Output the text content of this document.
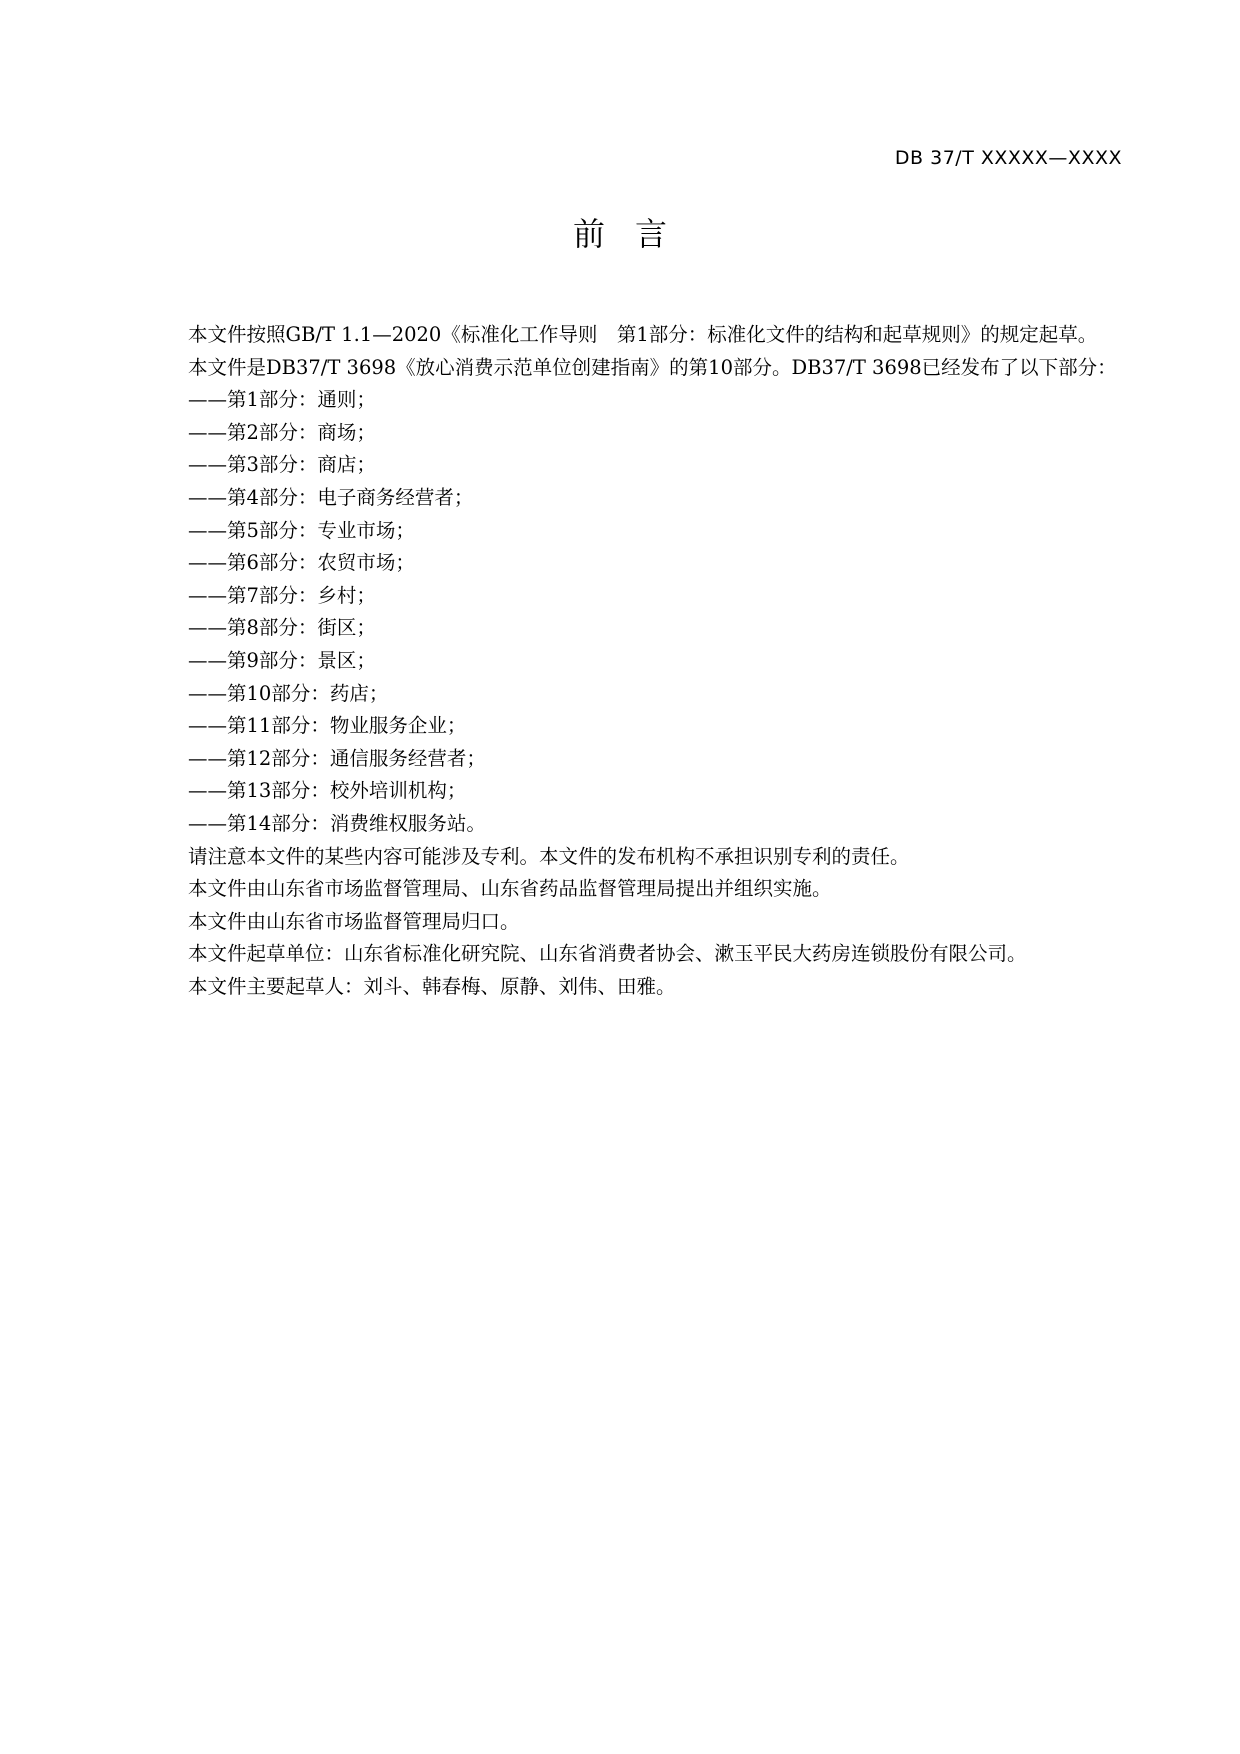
DB 37/T XXXXX—XXXX
前言

本文件按照GB/T 1.1—2020《标准化工作导则　第1部分：标准化文件的结构和起草规则》的规定起草。

本文件是DB37/T 3698《放心消费示范单位创建指南》的第10部分。DB37/T 3698已经发布了以下部分：

——第1部分：通则；

——第2部分：商场；

——第3部分：商店；

——第4部分：电子商务经营者；

——第5部分：专业市场；

——第6部分：农贸市场；

——第7部分：乡村；

——第8部分：街区；

——第9部分：景区；

——第10部分：药店；

——第11部分：物业服务企业；

——第12部分：通信服务经营者；

——第13部分：校外培训机构；

——第14部分：消费维权服务站。

请注意本文件的某些内容可能涉及专利。本文件的发布机构不承担识别专利的责任。

本文件由山东省市场监督管理局、山东省药品监督管理局提出并组织实施。

本文件由山东省市场监督管理局归口。

本文件起草单位：山东省标准化研究院、山东省消费者协会、漱玉平民大药房连锁股份有限公司。

本文件主要起草人：刘斗、韩春梅、原静、刘伟、田雅。
